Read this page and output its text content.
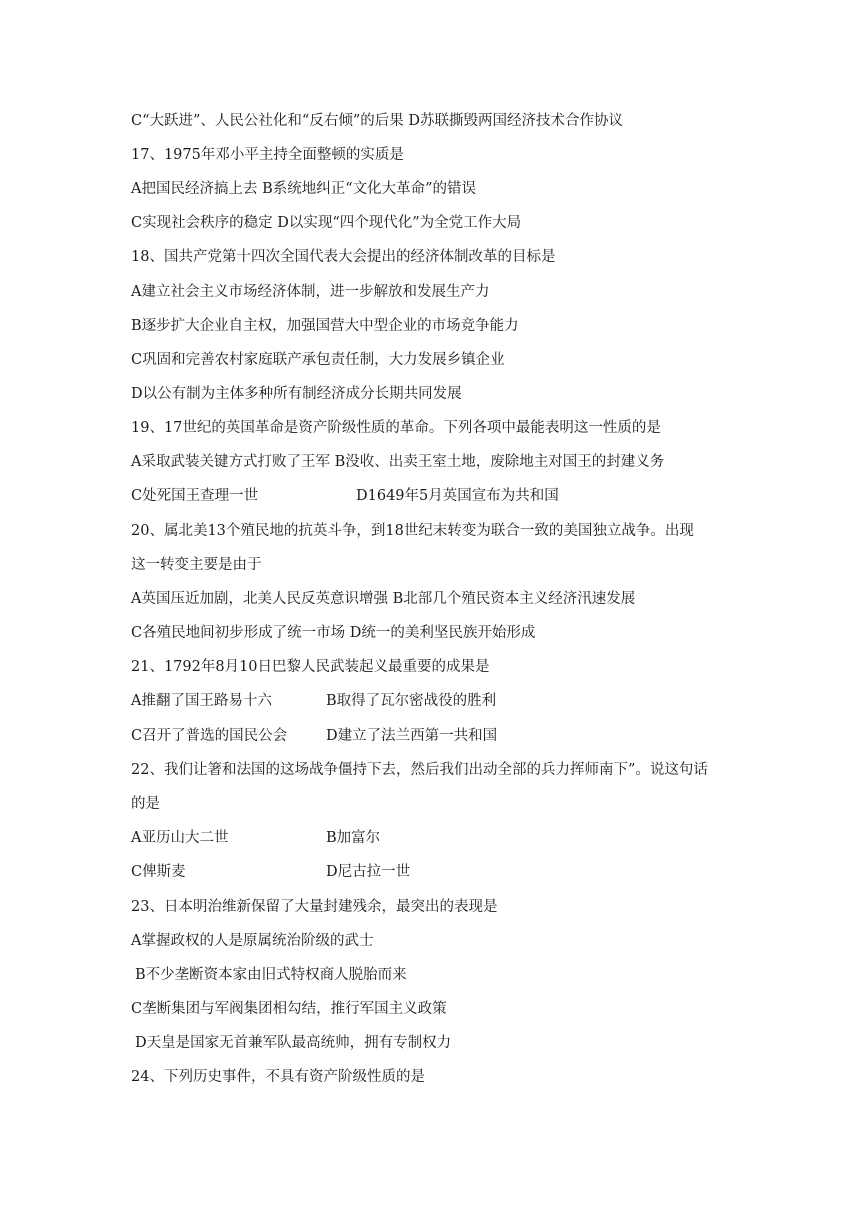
C“大跃进”、人民公社化和“反右倾”的后果 D苏联撕毁两国经济技术合作协议
17、1975年邓小平主持全面整顿的实质是
A把国民经济搞上去 B系统地纠正“文化大革命”的错误
C实现社会秩序的稳定 D以实现“四个现代化”为全党工作大局
18、国共产党第十四次全国代表大会提出的经济体制改革的目标是
A建立社会主义市场经济体制，进一步解放和发展生产力
B逐步扩大企业自主权，加强国营大中型企业的市场竞争能力
C巩固和完善农村家庭联产承包责任制，大力发展乡镇企业
D以公有制为主体多种所有制经济成分长期共同发展
19、17世纪的英国革命是资产阶级性质的革命。下列各项中最能表明这一性质的是
A采取武装关键方式打败了王军 B没收、出卖王室土地，废除地主对国王的封建义务
C处死国王查理一世	D1649年5月英国宣布为共和国
20、属北美13个殖民地的抗英斗争，到18世纪末转变为联合一致的美国独立战争。出现
这一转变主要是由于
A英国压近加剧，北美人民反英意识增强 B北部几个殖民资本主义经济汛速发展
C各殖民地间初步形成了统一市场 D统一的美利坚民族开始形成
21、1792年8月10日巴黎人民武装起义最重要的成果是
A推翻了国王路易十六	B取得了瓦尔密战役的胜利
C召开了普选的国民公会	D建立了法兰西第一共和国
22、我们让箸和法国的这场战争僵持下去，然后我们出动全部的兵力挥师南下”。说这句话
的是
A亚历山大二世	B加富尔
C俾斯麦	D尼古拉一世
23、日本明治维新保留了大量封建残余，最突出的表现是
A掌握政权的人是原属统治阶级的武士
B不少垄断资本家由旧式特权商人脱胎而来
C垄断集团与军阀集团相勾结，推行军国主义政策
D天皇是国家无首兼军队最高统帅，拥有专制权力
24、下列历史事件，不具有资产阶级性质的是
